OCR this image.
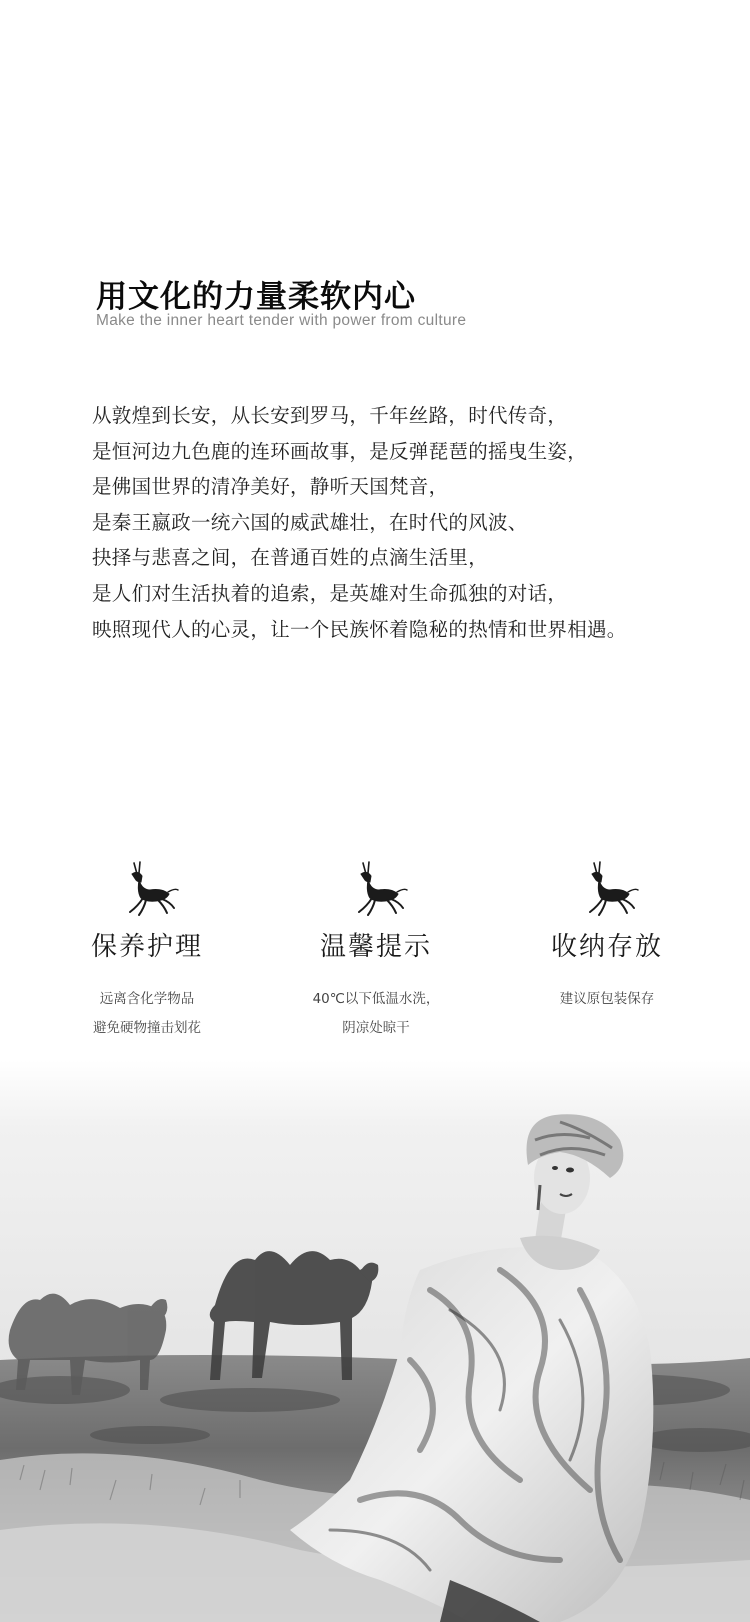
用文化的力量柔软内心
Make the inner heart tender with power from culture
从敦煌到长安，从长安到罗马，千年丝路，时代传奇，
是恒河边九色鹿的连环画故事，是反弹琵琶的摇曳生姿，
是佛国世界的清净美好，静听天国梵音，
是秦王嬴政一统六国的威武雄壮，在时代的风波、
抉择与悲喜之间，在普通百姓的点滴生活里，
是人们对生活执着的追索，是英雄对生命孤独的对话，
映照现代人的心灵，让一个民族怀着隐秘的热情和世界相遇。
保养护理
远离含化学物品
避免硬物撞击划花
温馨提示
40℃以下低温水洗，
阴凉处晾干
收纳存放
建议原包装保存
